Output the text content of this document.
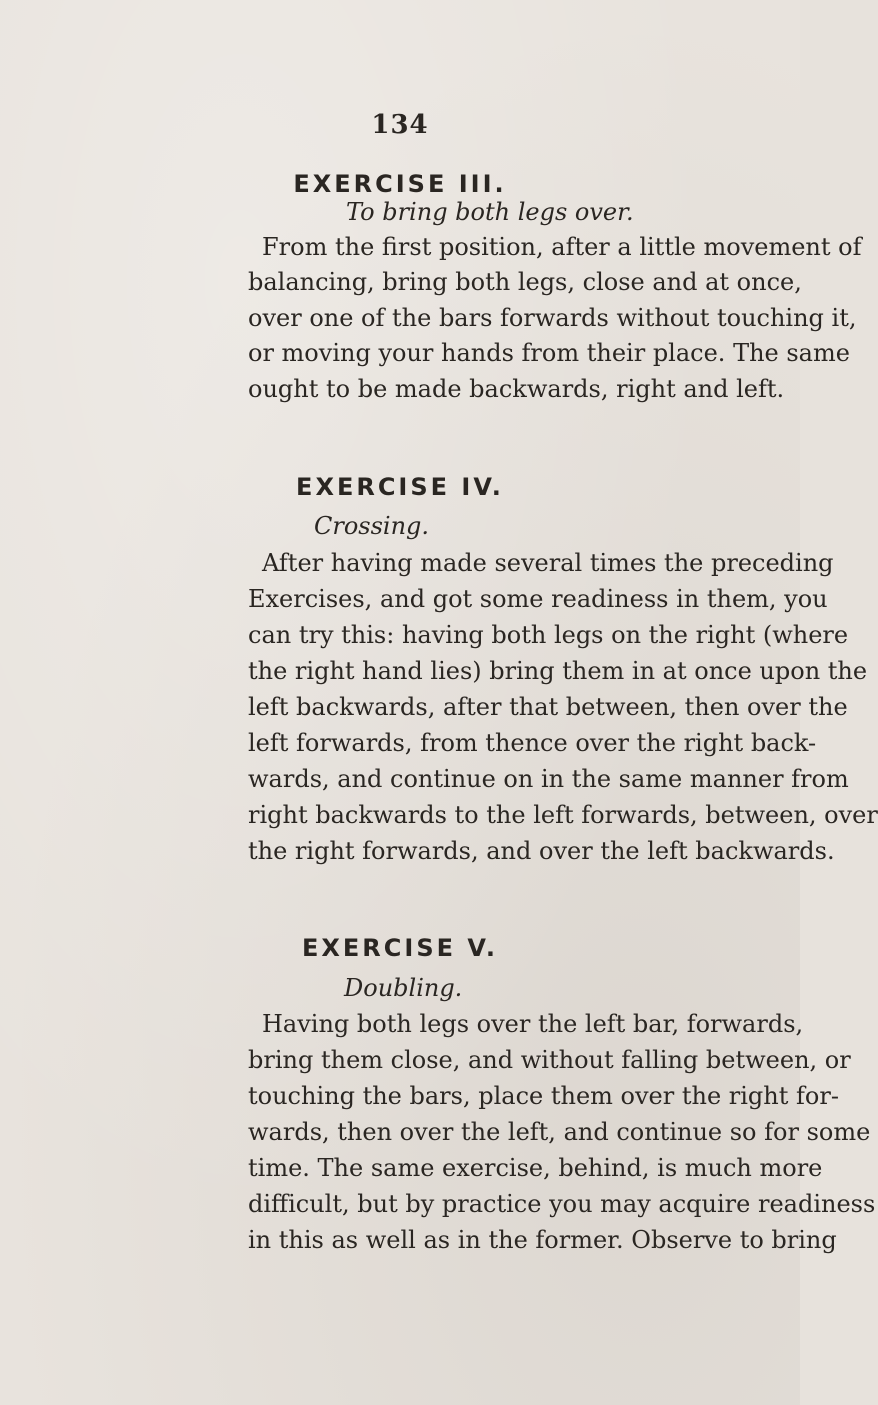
134
EXERCISE III.
To bring both legs over.
From the first position, after a little movement of
balancing, bring both legs, close and at once,
over one of the bars forwards without touching it,
or moving your hands from their place. The same
ought to be made backwards, right and left.
EXERCISE IV.
Crossing.
After having made several times the preceding
Exercises, and got some readiness in them, you
can try this: having both legs on the right (where
the right hand lies) bring them in at once upon the
left backwards, after that between, then over the
left forwards, from thence over the right back-
wards, and continue on in the same manner from
right backwards to the left forwards, between, over
the right forwards, and over the left backwards.
EXERCISE V.
Doubling.
Having both legs over the left bar, forwards,
bring them close, and without falling between, or
touching the bars, place them over the right for-
wards, then over the left, and continue so for some
time. The same exercise, behind, is much more
difficult, but by practice you may acquire readiness
in this as well as in the former. Observe to bring
